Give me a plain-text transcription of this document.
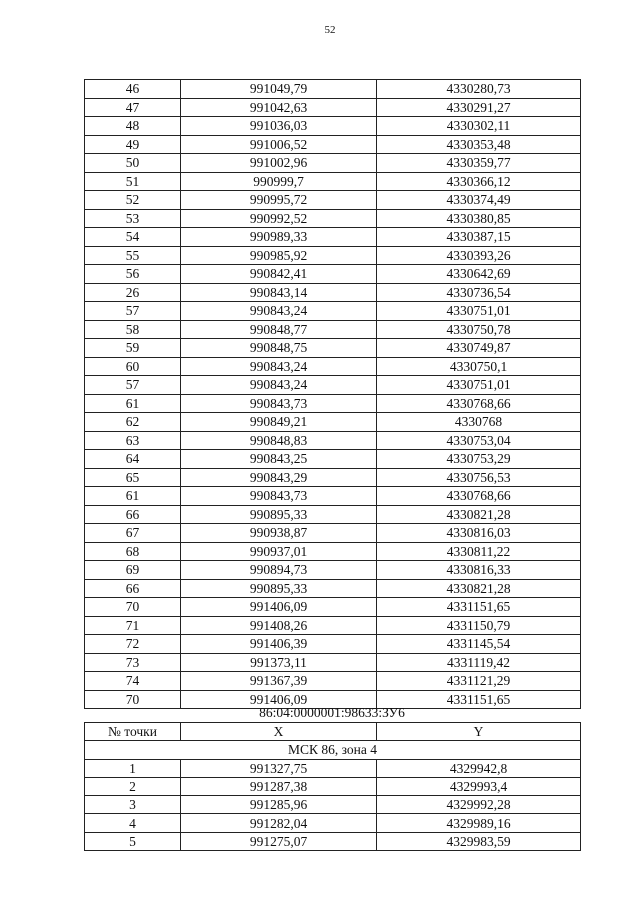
52
46	991049,79	4330280,73
47	991042,63	4330291,27
48	991036,03	4330302,11
49	991006,52	4330353,48
50	991002,96	4330359,77
51	990999,7	4330366,12
52	990995,72	4330374,49
53	990992,52	4330380,85
54	990989,33	4330387,15
55	990985,92	4330393,26
56	990842,41	4330642,69
26	990843,14	4330736,54
57	990843,24	4330751,01
58	990848,77	4330750,78
59	990848,75	4330749,87
60	990843,24	4330750,1
57	990843,24	4330751,01
61	990843,73	4330768,66
62	990849,21	4330768
63	990848,83	4330753,04
64	990843,25	4330753,29
65	990843,29	4330756,53
61	990843,73	4330768,66
66	990895,33	4330821,28
67	990938,87	4330816,03
68	990937,01	4330811,22
69	990894,73	4330816,33
66	990895,33	4330821,28
70	991406,09	4331151,65
71	991408,26	4331150,79
72	991406,39	4331145,54
73	991373,11	4331119,42
74	991367,39	4331121,29
70	991406,09	4331151,65
86:04:0000001:98633:ЗУ6
№ точки	X	Y
МСК 86, зона 4		
1	991327,75	4329942,8
2	991287,38	4329993,4
3	991285,96	4329992,28
4	991282,04	4329989,16
5	991275,07	4329983,59
